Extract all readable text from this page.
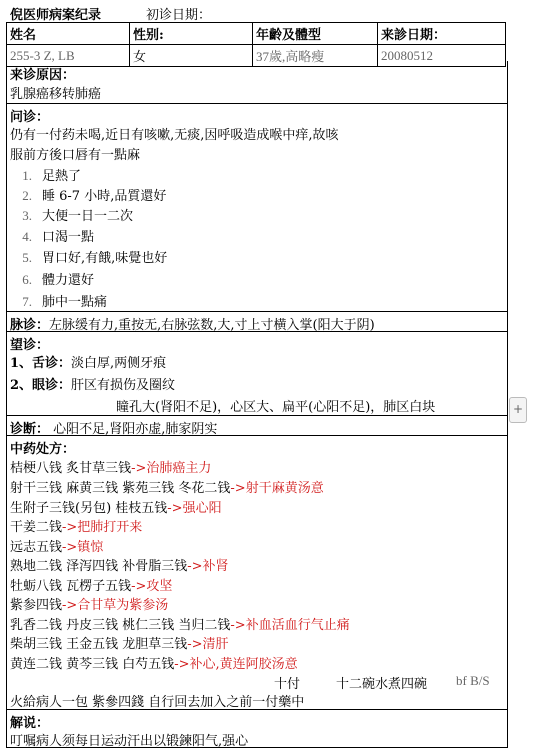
倪医师病案纪录	初诊日期：
姓名	性别:	年齡及體型	来診日期：
255-3 Z, LB	女	37歲,高略瘦	20080512
来诊原因：
乳腺癌移转肺癌
问诊：
仍有一付药未喝,近日有咳嗽,无痰,因呼吸造成喉中痒,故咳
服前方後口唇有一點麻
1. 足熱了
2. 睡 6-7 小時,品質還好
3. 大便一日一二次
4. 口渴一點
5. 胃口好,有餓,味覺也好
6. 體力還好
7. 肺中一點痛
脉诊：左脉缓有力,重按无,右脉弦数,大,寸上寸横入掌(阳大于阴)
望诊：
1、舌诊：淡白厚,两侧牙痕
2、眼诊：肝区有损伤及圈纹
瞳孔大(肾阳不足)，心区大、扁平(心阳不足)，肺区白块
诊断： 心阳不足,肾阳亦虚,肺家阴实
中药处方：
桔梗八钱 炙甘草三钱->治肺癌主力
射干三钱 麻黄三钱 紫苑三钱 冬花二钱->射干麻黄汤意
生附子三钱(另包) 桂枝五钱->强心阳
干姜二钱->把肺打开来
远志五钱->镇惊
熟地二钱 泽泻四钱 补骨脂三钱->补肾
牡蛎八钱 瓦楞子五钱->攻坚
紫参四钱->合甘草为紫参汤
乳香二钱 丹皮三钱 桃仁三钱 当归二钱->补血活血行气止痛
柴胡三钱 王金五钱 龙胆草三钱->清肝
黄连二钱 黄芩三钱 白芍五钱->补心,黄连阿胶汤意
十付	十二碗水煮四碗 bf B/S
火給病人一包 紫參四錢 自行回去加入之前一付藥中
解说：
叮嘱病人须每日运动汗出以锻鍊阳气,强心
+
